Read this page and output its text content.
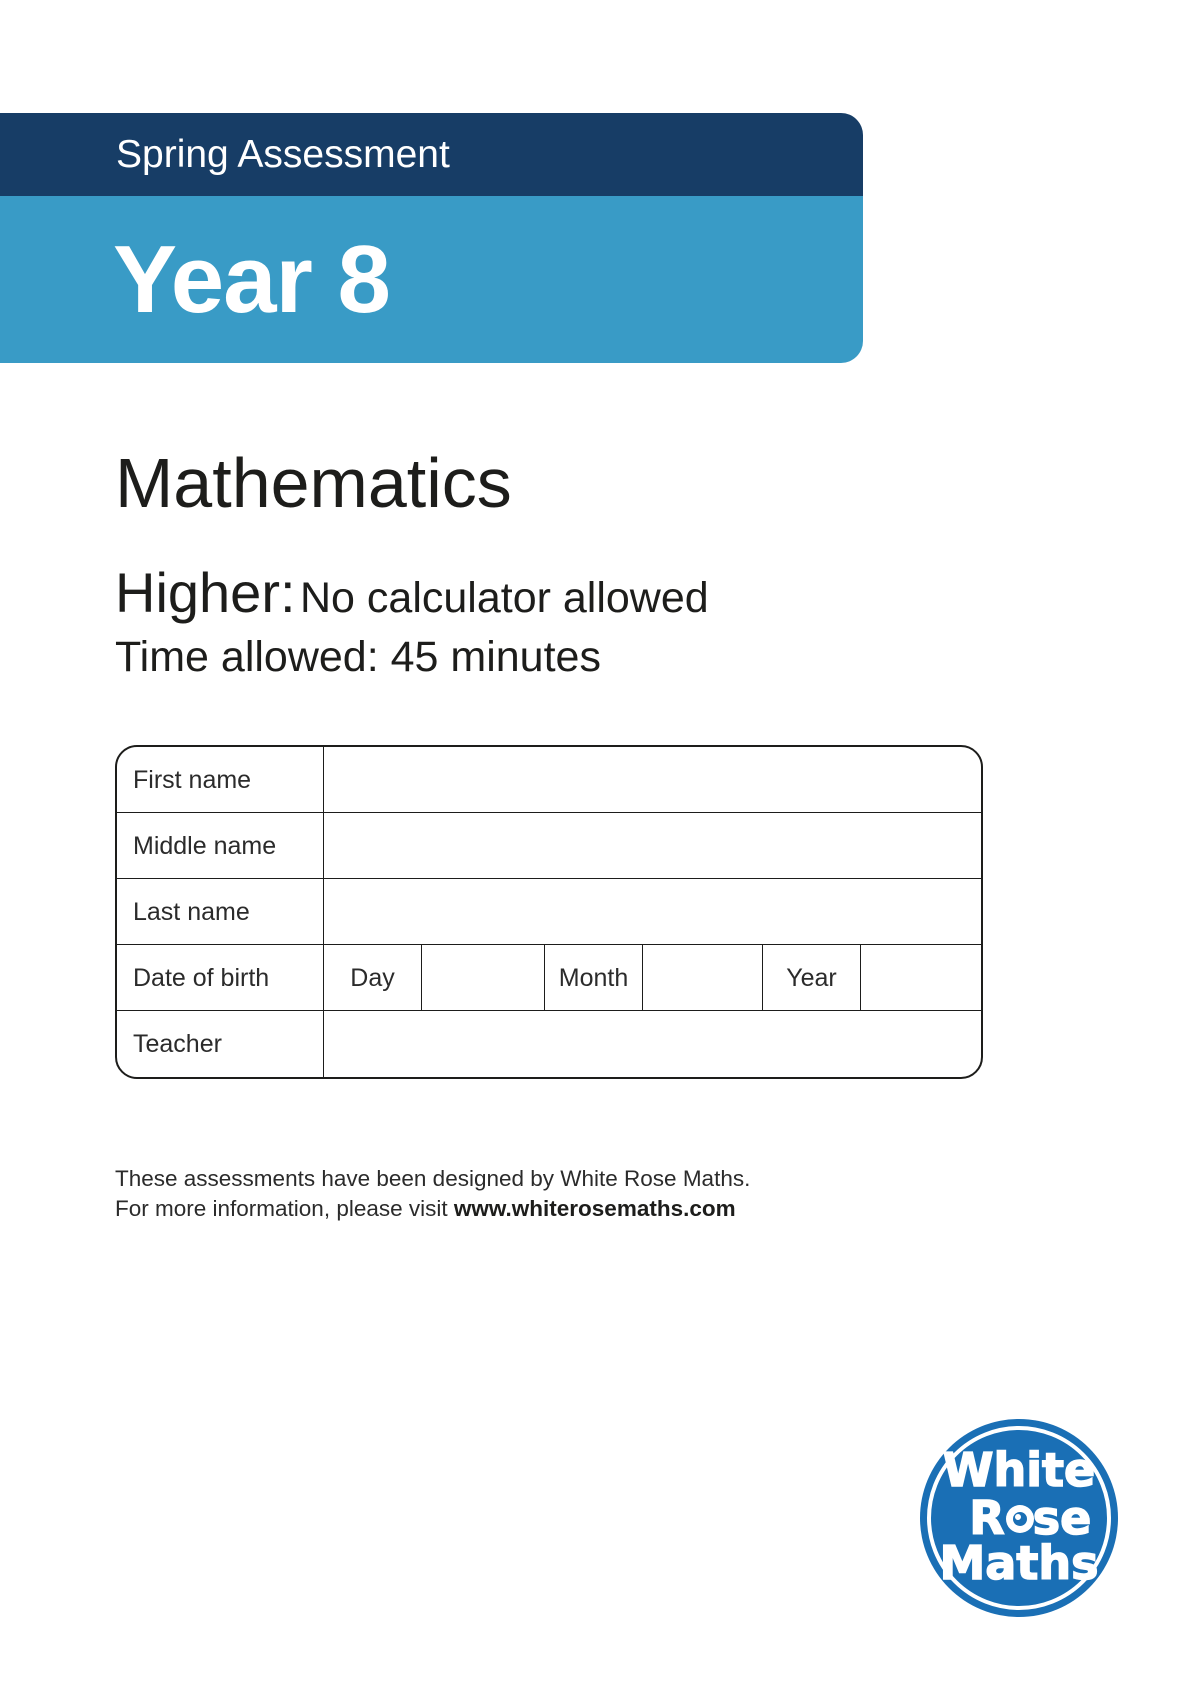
Spring Assessment
Year 8
Mathematics
Higher: No calculator allowed
Time allowed: 45 minutes
First name
Middle name
Last name
Date of birth	Day	Month	Year
Teacher
These assessments have been designed by White Rose Maths.
For more information, please visit www.whiterosemaths.com
White
R se
Maths
